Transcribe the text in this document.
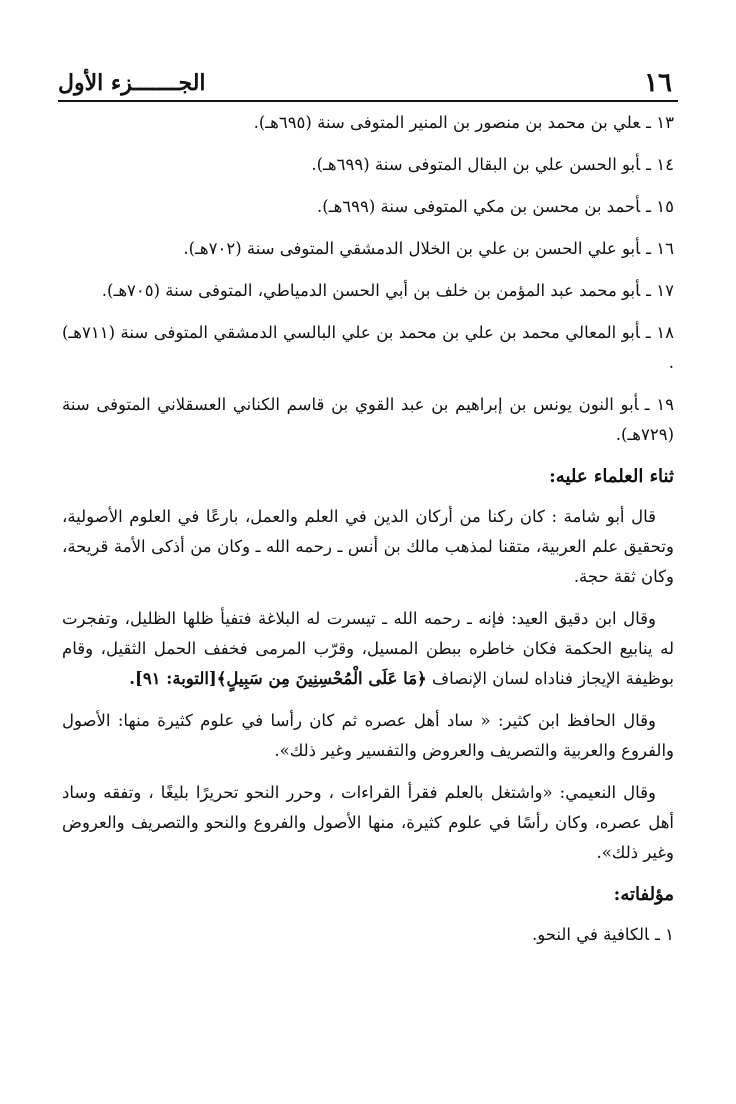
١٦
الجـــــــزء الأول

١٣ ـعلي بن محمد بن منصور بن المنير المتوفى سنة (٦٩٥هـ).

١٤ ـأبو الحسن علي بن البقال المتوفى سنة (٦٩٩هـ).

١٥ ـأحمد بن محسن بن مكي المتوفى سنة (٦٩٩هـ).

١٦ ـأبو علي الحسن بن علي بن الخلال الدمشقي المتوفى سنة (٧٠٢هـ).

١٧ ـأبو محمد عبد المؤمن بن خلف بن أبي الحسن الدمياطي، المتوفى سنة (٧٠٥هـ).

١٨ ـأبو المعالي محمد بن علي بن محمد بن علي البالسي الدمشقي المتوفى سنة (٧١١هـ) .

١٩ ـأبو النون يونس بن إبراهيم بن عبد القوي بن قاسم الكناني العسقلاني المتوفى سنة (٧٢٩هـ).

ثناء العلماء عليه:

قال أبو شامة : كان ركنا من أركان الدين في العلم والعمل، بارعًا في العلوم الأصولية، وتحقيق علم العربية، متقنا لمذهب مالك بن أنس ـ رحمه الله ـ وكان من أذكى الأمة قريحة، وكان ثقة حجة.

وقال ابن دقيق العيد: فإنه ـ رحمه الله ـ تيسرت له البلاغة فتفيأ ظلها الظليل، وتفجرت له ينابيع الحكمة فكان خاطره ببطن المسيل، وقرّب المرمى فخفف الحمل الثقيل، وقام بوظيفة الإيجاز فناداه لسان الإنصاف ﴿مَا عَلَى الْمُحْسِنِينَ مِن سَبِيلٍ﴾[التوبة: ٩١].

وقال الحافظ ابن كثير: « ساد أهل عصره ثم كان رأسا في علوم كثيرة منها: الأصول والفروع والعربية والتصريف والعروض والتفسير وغير ذلك».

وقال النعيمي: «واشتغل بالعلم فقرأ القراءات ، وحرر النحو تحريرًا بليغًا ، وتفقه وساد أهل عصره، وكان رأسًا في علوم كثيرة، منها الأصول والفروع والنحو والتصريف والعروض وغير ذلك».

مؤلفاته:

١ ـالكافية في النحو.
